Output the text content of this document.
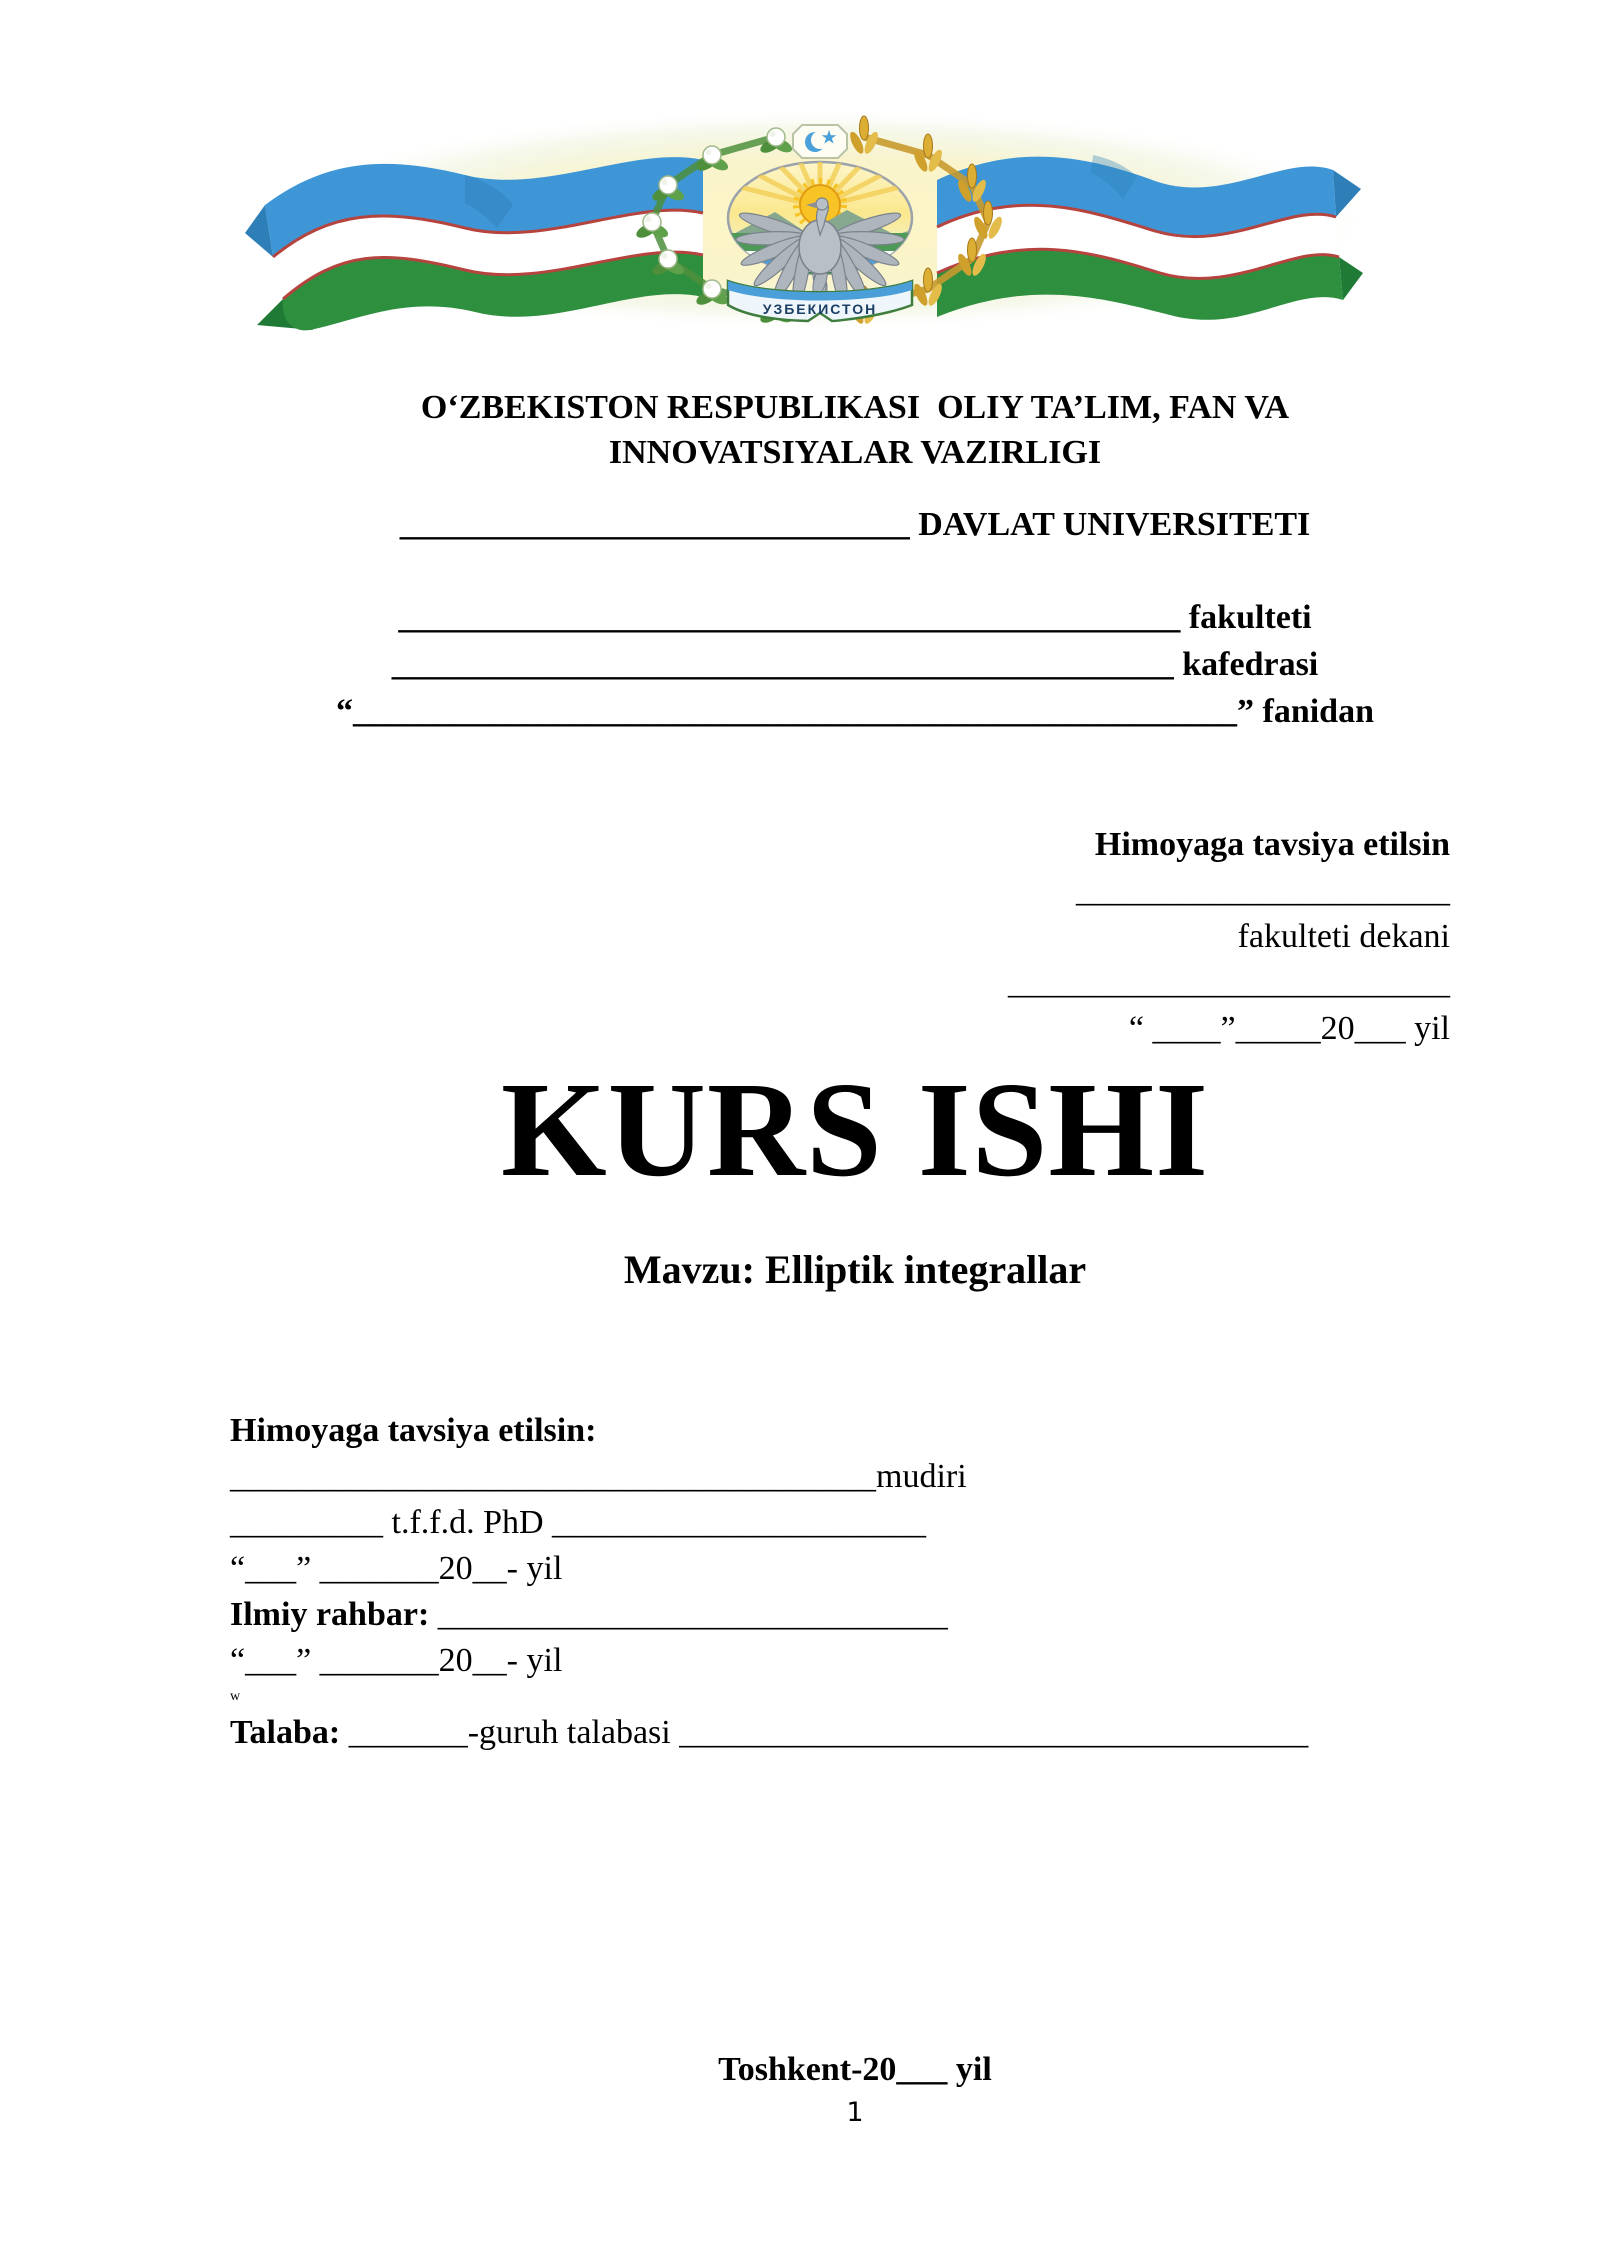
УЗБЕКИСТОН
O‘ZBEKISTON RESPUBLIKASI  OLIY TA’LIM, FAN VA
INNOVATSIYALAR VAZIRLIGI
______________________________ DAVLAT UNIVERSITETI
______________________________________________ fakulteti
______________________________________________ kafedrasi
“____________________________________________________” fanidan
Himoyaga tavsiya etilsin
______________________
fakulteti dekani
__________________________
“ ____”_____20___ yil
KURS ISHI
Mavzu: Elliptik integrallar
Himoyaga tavsiya etilsin:
______________________________________mudiri
_________ t.f.f.d. PhD ______________________
“___” _______20__- yil
Ilmiy rahbar: ______________________________
“___” _______20__- yil
w
Talaba: _______-guruh talabasi _____________________________________
Toshkent-20___ yil
1
